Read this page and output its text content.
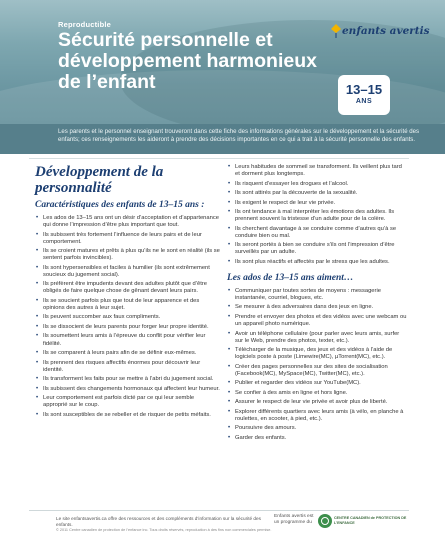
Reproductible
Sécurité personnelle et développement harmonieux de l’enfant
enfants avertis
13–15
ANS
Les parents et le personnel enseignant trouveront dans cette fiche des informations générales sur le développement et la sécurité des enfants; ces renseignements les aideront à prendre des décisions importantes en ce qui a trait à la sécurité personnelle des enfants.
Développement de la personnalité
Caractéristiques des enfants de 13–15 ans :
• Les ados de 13–15 ans ont un désir d’acceptation et d’appartenance qui donne l’impression d’être plus important que tout.
• Ils subissent très fortement l’influence de leurs pairs et de leur comportement.
• Ils se croient matures et prêts à plus qu’ils ne le sont en réalité (ils se sentent parfois invincibles).
• Ils sont hypersensibles et faciles à humilier (ils sont extrêmement soucieux du jugement social).
• Ils préfèrent être impudents devant des adultes plutôt que d’être obligés de faire quelque chose de gênant devant leurs pairs.
• Ils se soucient parfois plus que tout de leur apparence et des opinions des autres à leur sujet.
• Ils peuvent succomber aux faux compliments.
• Ils se dissocient de leurs parents pour forger leur propre identité.
• Ils soumettent leurs amis à l’épreuve du conflit pour vérifier leur fidélité.
• Ils se comparent à leurs pairs afin de se définir eux-mêmes.
• Ils prennent des risques affectifs énormes pour découvrir leur identité.
• Ils transforment les faits pour se mettre à l’abri du jugement social.
• Ils subissent des changements hormonaux qui affectent leur humeur.
• Leur comportement est parfois dicté par ce qui leur semble approprié sur le coup.
• Ils sont susceptibles de se rebeller et de risquer de petits méfaits.
• Leurs habitudes de sommeil se transforment. Ils veillent plus tard et dorment plus longtemps.
• Ils risquent d’essayer les drogues et l’alcool.
• Ils sont attirés par la découverte de la sexualité.
• Ils exigent le respect de leur vie privée.
• Ils ont tendance à mal interpréter les émotions des adultes. Ils prennent souvent la tristesse d’un adulte pour de la colère.
• Ils cherchent davantage à se conduire comme d’autres qu’à se conduire bien ou mal.
• Ils seront portés à bien se conduire s’ils ont l’impression d’être surveillés par un adulte.
• Ils sont plus réactifs et affectés par le stress que les adultes.
Les ados de 13–15 ans aiment…
• Communiquer par toutes sortes de moyens : messagerie instantanée, courriel, blogues, etc.
• Se mesurer à des adversaires dans des jeux en ligne.
• Prendre et envoyer des photos et des vidéos avec une webcam ou un appareil photo numérique.
• Avoir un téléphone cellulaire (pour parler avec leurs amis, surfer sur le Web, prendre des photos, texter, etc.).
• Télécharger de la musique, des jeux et des vidéos à l’aide de logiciels poste à poste (Limewire(MC), µTorrent(MC), etc.).
• Créer des pages personnelles sur des sites de socialisation (Facebook(MC), MySpace(MC), Twitter(MC), etc.).
• Publier et regarder des vidéos sur YouTube(MC).
• Se confier à des amis en ligne et hors ligne.
• Assurer le respect de leur vie privée et avoir plus de liberté.
• Explorer différents quartiers avec leurs amis (à vélo, en planche à roulettes, en scooter, à pied, etc.).
• Poursuivre des amours.
• Garder des enfants.
Le site enfantsavertis.ca offre des ressources et des compléments d’information sur la sécurité des enfants.
© 2011 Centre canadien de protection de l’enfance inc. Tous droits réservés, reproduction à des fins non commerciales permise.
Enfants avertis est un programme du
CENTRE CANADIEN de PROTECTION DE L’ENFANCE
